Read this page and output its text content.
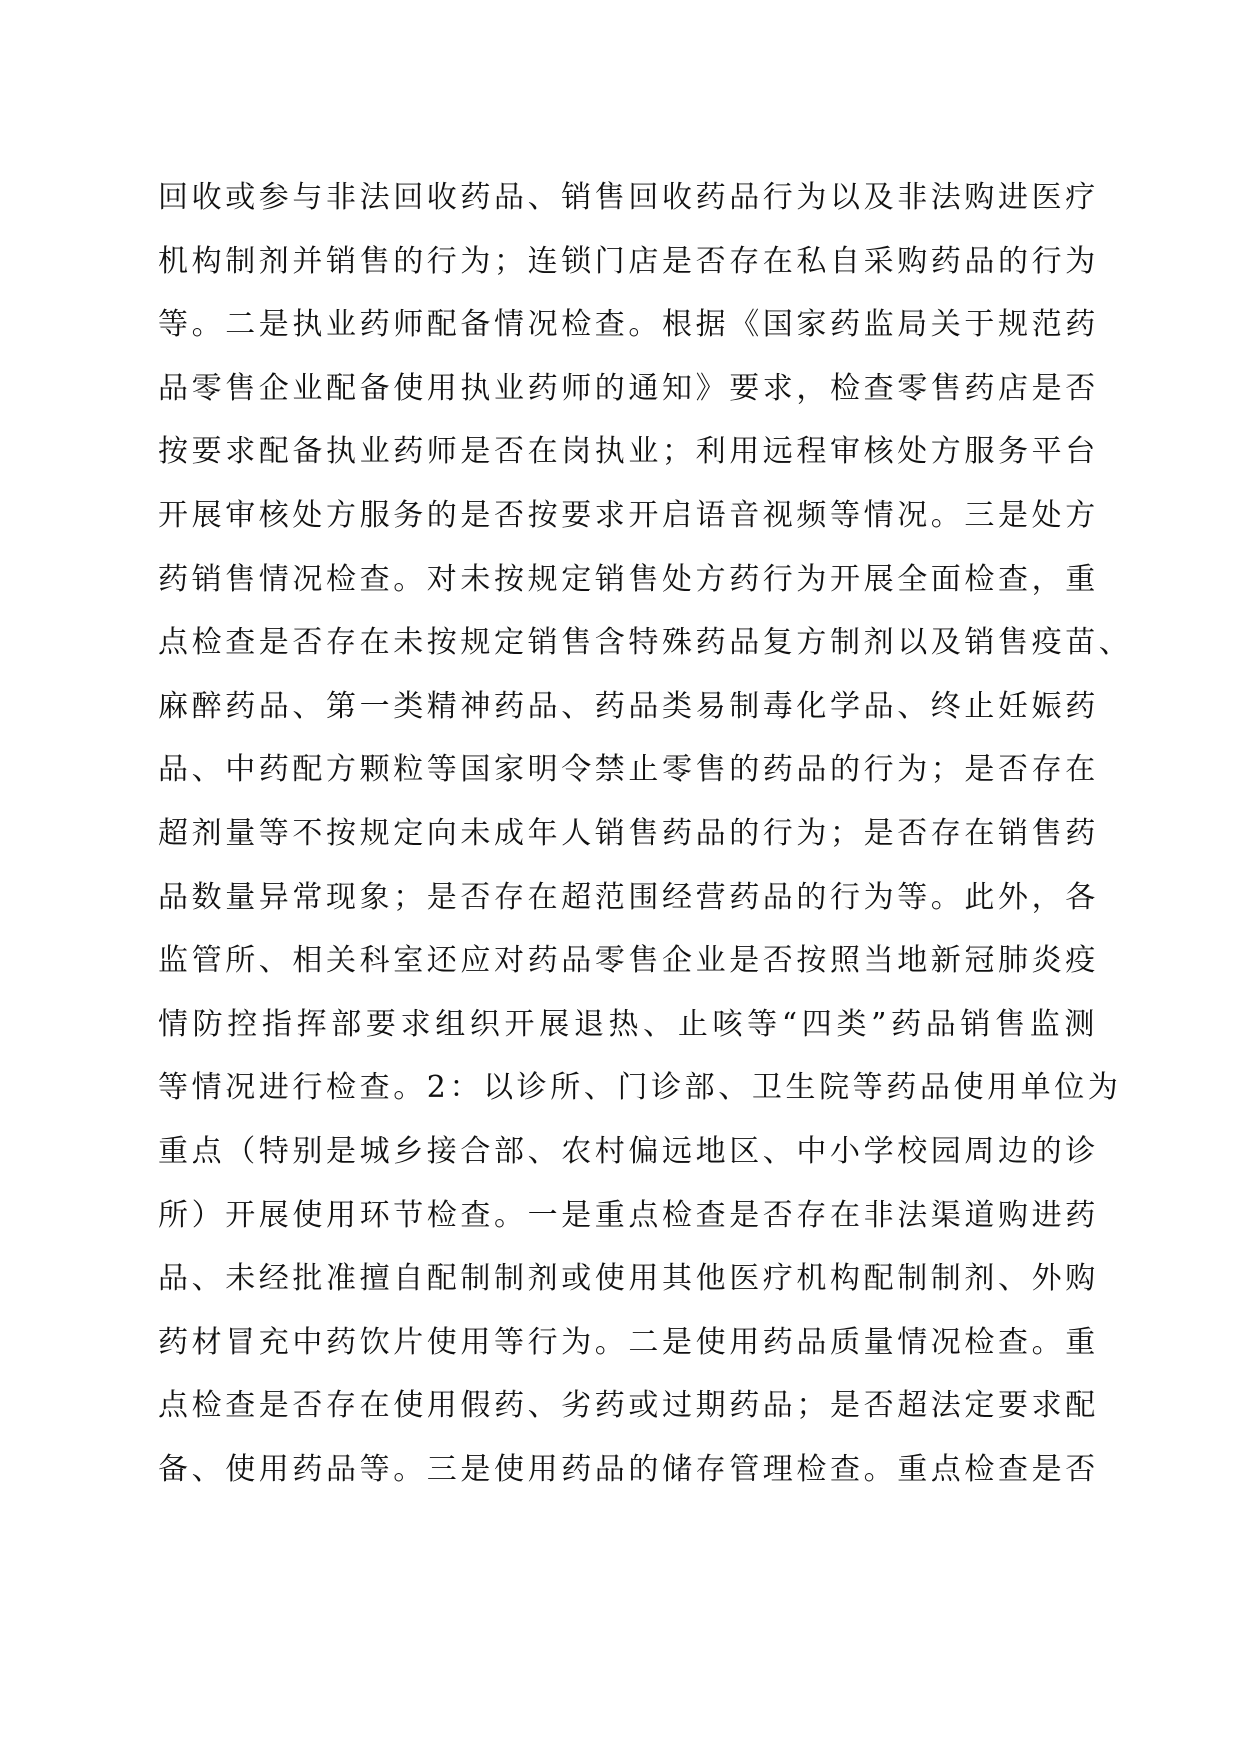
回收或参与非法回收药品、销售回收药品行为以及非法购进医疗
机构制剂并销售的行为；连锁门店是否存在私自采购药品的行为
等。二是执业药师配备情况检查。根据《国家药监局关于规范药
品零售企业配备使用执业药师的通知》要求，检查零售药店是否
按要求配备执业药师是否在岗执业；利用远程审核处方服务平台
开展审核处方服务的是否按要求开启语音视频等情况。三是处方
药销售情况检查。对未按规定销售处方药行为开展全面检查，重
点检查是否存在未按规定销售含特殊药品复方制剂以及销售疫苗、
麻醉药品、第一类精神药品、药品类易制毒化学品、终止妊娠药
品、中药配方颗粒等国家明令禁止零售的药品的行为；是否存在
超剂量等不按规定向未成年人销售药品的行为；是否存在销售药
品数量异常现象；是否存在超范围经营药品的行为等。此外，各
监管所、相关科室还应对药品零售企业是否按照当地新冠肺炎疫
情防控指挥部要求组织开展退热、止咳等“四类”药品销售监测
等情况进行检查。2：以诊所、门诊部、卫生院等药品使用单位为
重点（特别是城乡接合部、农村偏远地区、中小学校园周边的诊
所）开展使用环节检查。一是重点检查是否存在非法渠道购进药
品、未经批准擅自配制制剂或使用其他医疗机构配制制剂、外购
药材冒充中药饮片使用等行为。二是使用药品质量情况检查。重
点检查是否存在使用假药、劣药或过期药品；是否超法定要求配
备、使用药品等。三是使用药品的储存管理检查。重点检查是否
